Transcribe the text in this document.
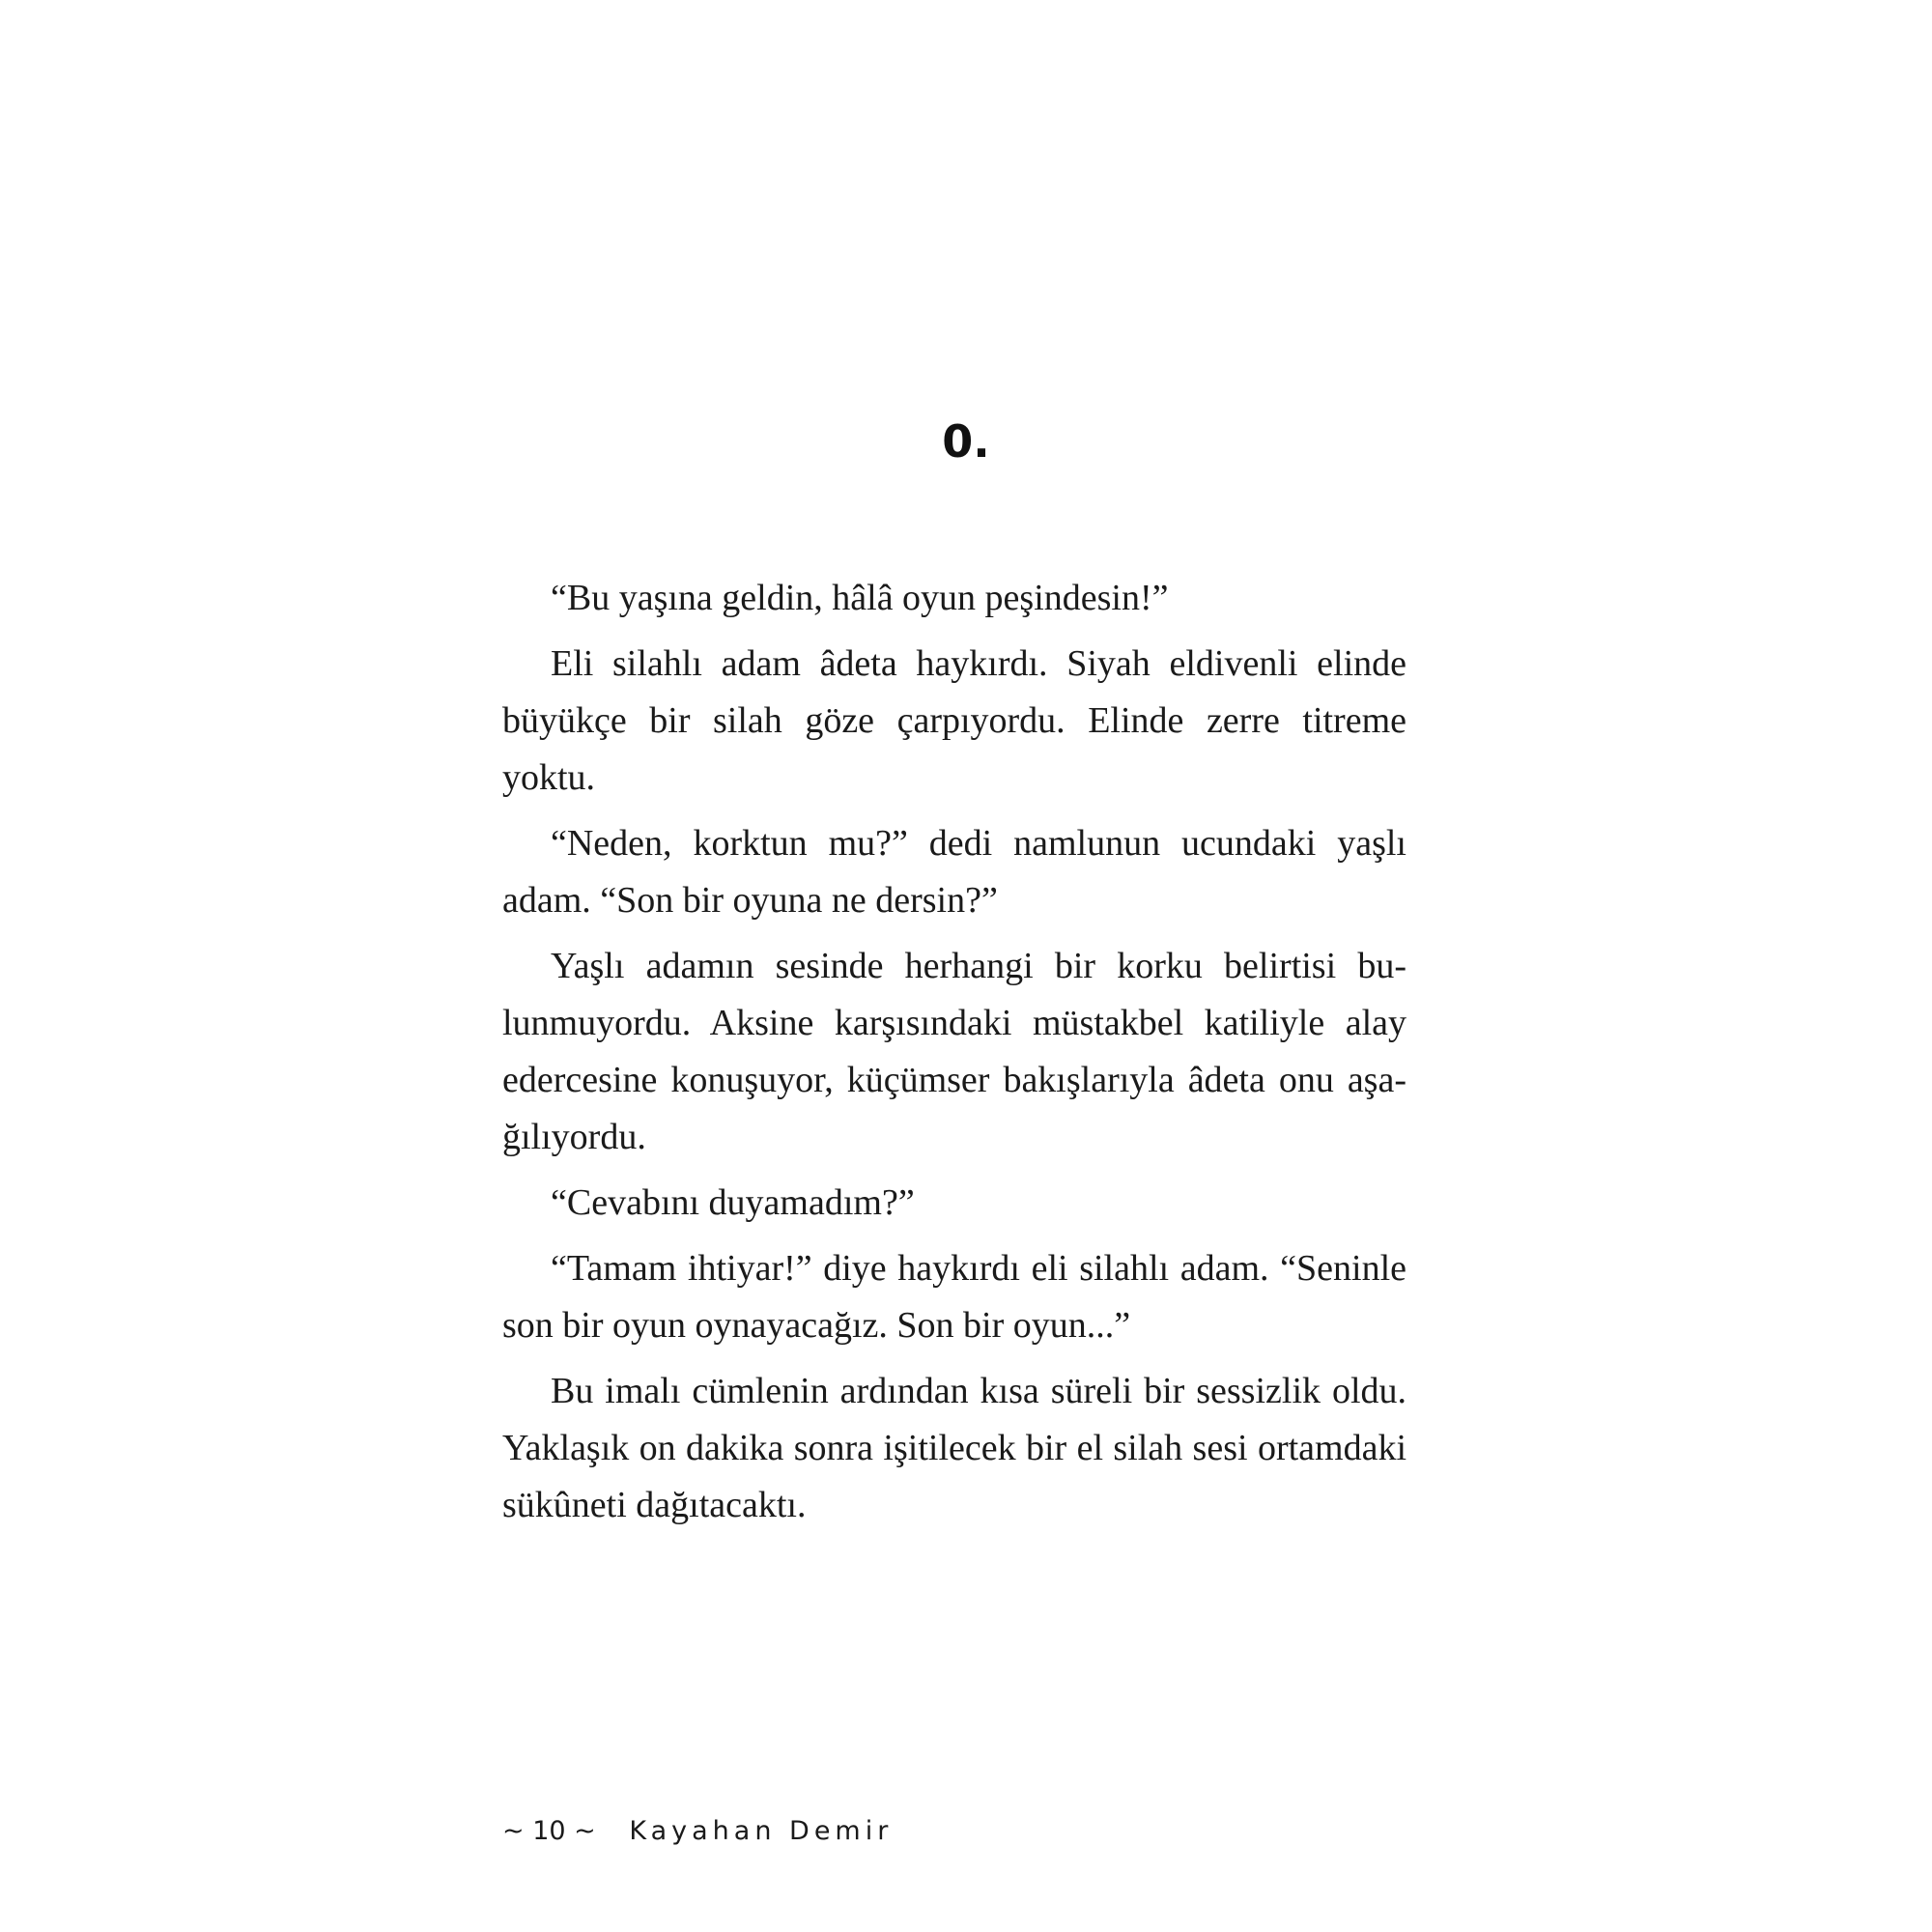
0.

“Bu yaşına geldin, hâlâ oyun peşindesin!”

Eli silahlı adam âdeta haykırdı. Siyah eldivenli elinde büyükçe bir silah göze çarpıyordu. Elinde zerre titreme yoktu.

“Neden, korktun mu?” dedi namlunun ucundaki yaşlı adam. “Son bir oyuna ne dersin?”

Yaşlı adamın sesinde herhangi bir korku belirtisi bu-lunmuyordu. Aksine karşısındaki müstakbel katiliyle alay edercesine konuşuyor, küçümser bakışlarıyla âdeta onu aşa-ğılıyordu.

“Cevabını duyamadım?”

“Tamam ihtiyar!” diye haykırdı eli silahlı adam. “Seninle son bir oyun oynayacağız. Son bir oyun...”

Bu imalı cümlenin ardından kısa süreli bir sessizlik oldu. Yaklaşık on dakika sonra işitilecek bir el silah sesi ortamdaki sükûneti dağıtacaktı.

~ 10 ~ Kayahan Demir
